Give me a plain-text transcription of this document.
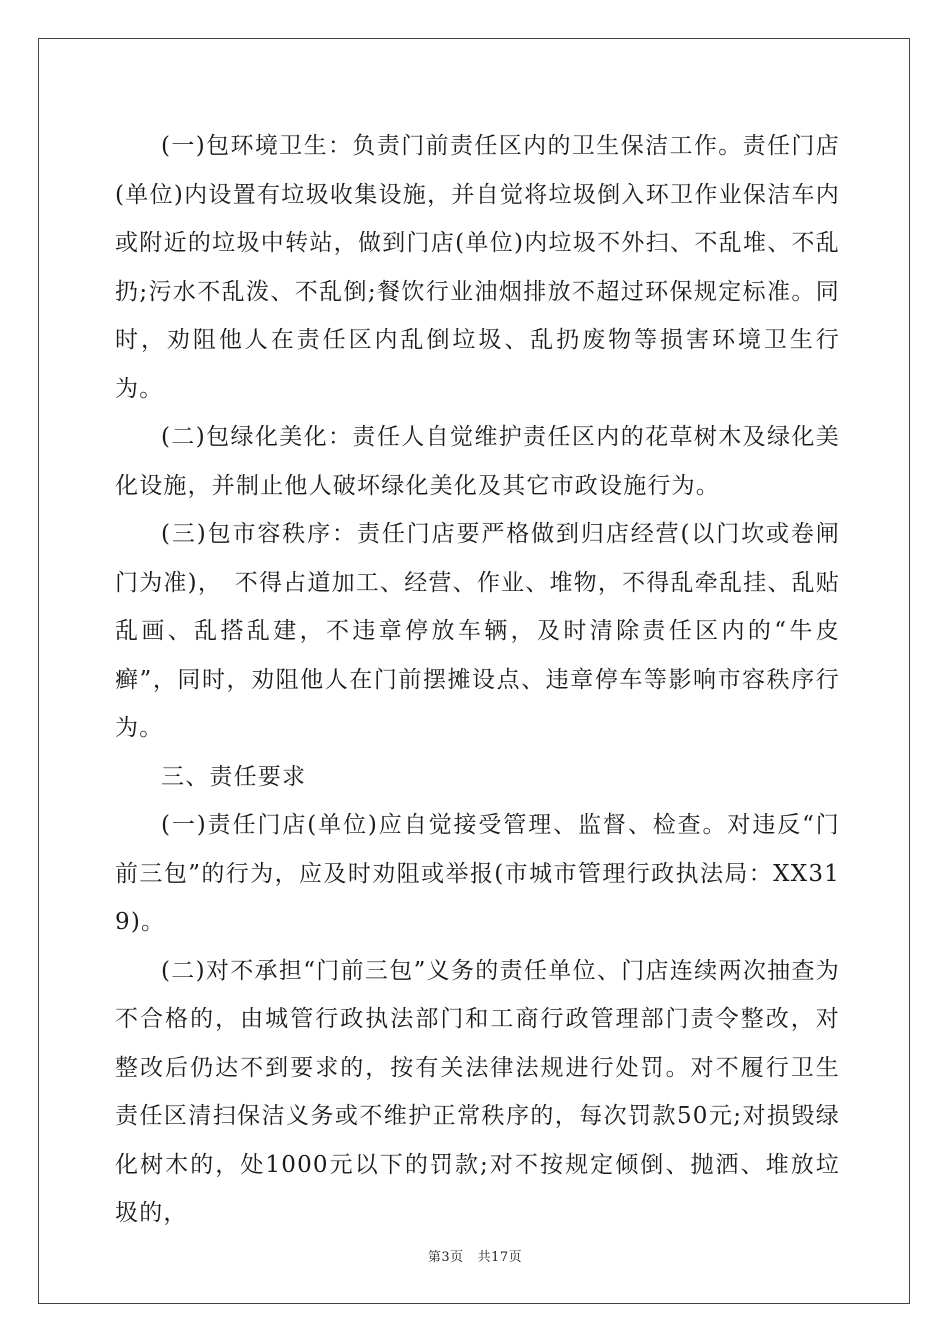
(一)包环境卫生：负责门前责任区内的卫生保洁工作。责任门店(单位)内设置有垃圾收集设施，并自觉将垃圾倒入环卫作业保洁车内或附近的垃圾中转站，做到门店(单位)内垃圾不外扫、不乱堆、不乱扔;污水不乱泼、不乱倒;餐饮行业油烟排放不超过环保规定标准。同时，劝阻他人在责任区内乱倒垃圾、乱扔废物等损害环境卫生行为。

(二)包绿化美化：责任人自觉维护责任区内的花草树木及绿化美化设施，并制止他人破坏绿化美化及其它市政设施行为。

(三)包市容秩序：责任门店要严格做到归店经营(以门坎或卷闸门为准)，　不得占道加工、经营、作业、堆物，不得乱牵乱挂、乱贴乱画、乱搭乱建，不违章停放车辆，及时清除责任区内的“牛皮癣”，同时，劝阻他人在门前摆摊设点、违章停车等影响市容秩序行为。

三、责任要求

(一)责任门店(单位)应自觉接受管理、监督、检查。对违反“门前三包”的行为，应及时劝阻或举报(市城市管理行政执法局：XX319)。

(二)对不承担“门前三包”义务的责任单位、门店连续两次抽查为不合格的，由城管行政执法部门和工商行政管理部门责令整改，对整改后仍达不到要求的，按有关法律法规进行处罚。对不履行卫生责任区清扫保洁义务或不维护正常秩序的，每次罚款50元;对损毁绿化树木的，处1000元以下的罚款;对不按规定倾倒、抛洒、堆放垃圾的，

第3页 共17页
